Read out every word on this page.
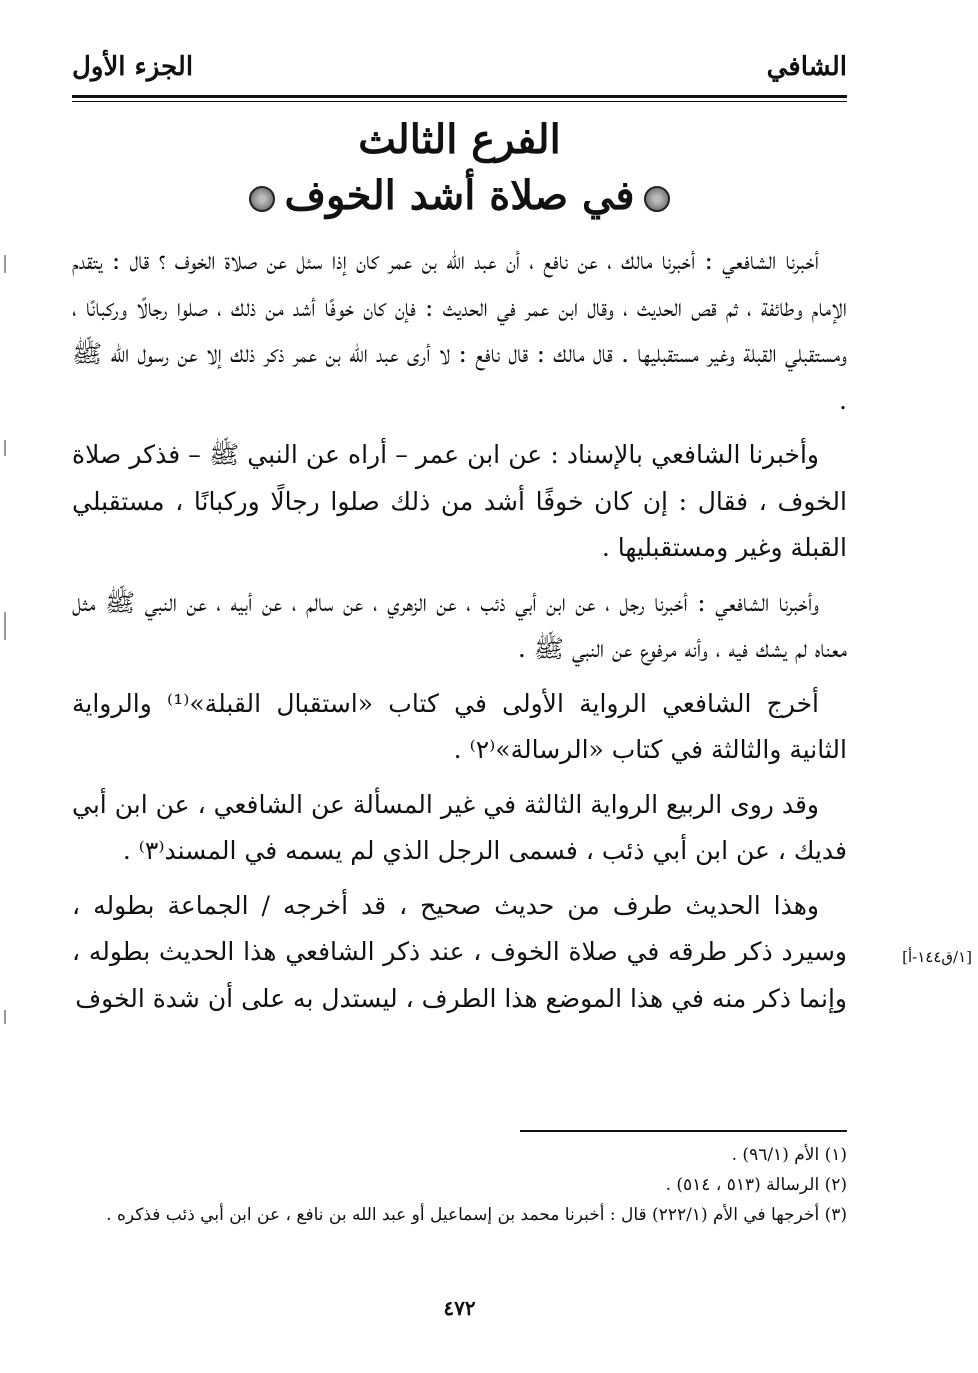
الشافي
الجزء الأول
الفرع الثالث
في صلاة أشد الخوف

أخبرنا الشافعي : أخبرنا مالك ، عن نافع ، أن عبد الله بن عمر كان إذا سئل عن صلاة الخوف ؟ قال : يتقدم الإمام وطائفة ، ثم قص الحديث ، وقال ابن عمر في الحديث : فإن كان خوفًا أشد من ذلك ، صلوا رجالًا وركبانًا ، ومستقبلي القبلة وغير مستقبليها . قال مالك : قال نافع : لا أرى عبد الله بن عمر ذكر ذلك إلا عن رسول الله ﷺ .

وأخبرنا الشافعي بالإسناد : عن ابن عمر – أراه عن النبي ﷺ – فذكر صلاة الخوف ، فقال : إن كان خوفًا أشد من ذلك صلوا رجالًا وركبانًا ، مستقبلي القبلة وغير ومستقبليها .

وأخبرنا الشافعي : أخبرنا رجل ، عن ابن أبي ذئب ، عن الزهري ، عن سالم ، عن أبيه ، عن النبي ﷺ مثل معناه لم يشك فيه ، وأنه مرفوع عن النبي ﷺ .

أخرج الشافعي الرواية الأولى في كتاب «استقبال القبلة»⁽¹⁾ والرواية الثانية والثالثة في كتاب «الرسالة»⁽٢⁾ .

وقد روى الربيع الرواية الثالثة في غير المسألة عن الشافعي ، عن ابن أبي فديك ، عن ابن أبي ذئب ، فسمى الرجل الذي لم يسمه في المسند⁽٣⁾ .

وهذا الحديث طرف من حديث صحيح ، قد أخرجه / الجماعة بطوله ، وسيرد ذكر طرقه في صلاة الخوف ، عند ذكر الشافعي هذا الحديث بطوله ، وإنما ذكر منه في هذا الموضع هذا الطرف ، ليستدل به على أن شدة الخوف

[١/ق١٤٤-أ]

(١) الأم (٩٦/١) .

(٢) الرسالة (٥١٣ ، ٥١٤) .

(٣) أخرجها في الأم (٢٢٢/١) قال : أخبرنا محمد بن إسماعيل أو عبد الله بن نافع ، عن ابن أبي ذئب فذكره .

٤٧٢
